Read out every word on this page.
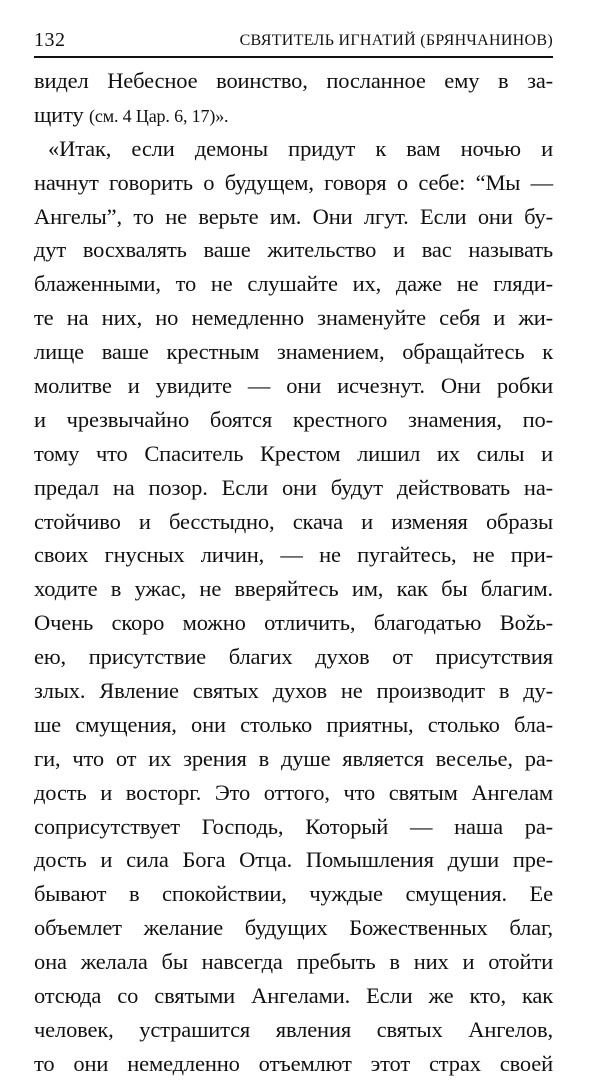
132	СВЯТИТЕЛЬ ИГНАТИЙ (БРЯНЧАНИНОВ)
видел Небесное воинство, посланное ему в за-
щиту (см. 4 Цар. 6, 17)».
«Итак, если демоны придут к вам ночью и
начнут говорить о будущем, говоря о себе: “Мы —
Ангелы”, то не верьте им. Они лгут. Если они бу-
дут восхвалять ваше жительство и вас называть
блаженными, то не слушайте их, даже не гляди-
те на них, но немедленно знаменуйте себя и жи-
лище ваше крестным знамением, обращайтесь к
молитве и увидите — они исчезнут. Они робки
и чрезвычайно боятся крестного знамения, по-
тому что Спаситель Крестом лишил их силы и
предал на позор. Если они будут действовать на-
стойчиво и бесстыдно, скача и изменяя образы
своих гнусных личин, — не пугайтесь, не при-
ходите в ужас, не вверяйтесь им, как бы благим.
Очень скоро можно отличить, благодатью Božь-
ею, присутствие благих духов от присутствия
злых. Явление святых духов не производит в ду-
ше смущения, они столько приятны, столько бла-
ги, что от их зрения в душе является веселье, ра-
дость и восторг. Это оттого, что святым Ангелам
соприсутствует Господь, Который — наша ра-
дость и сила Бога Отца. Помышления души пре-
бывают в спокойствии, чуждые смущения. Ее
объемлет желание будущих Божественных благ,
она желала бы навсегда пребыть в них и отойти
отсюда со святыми Ангелами. Если же кто, как
человек, устрашится явления святых Ангелов,
то они немедленно отъемлют этот страх своей
